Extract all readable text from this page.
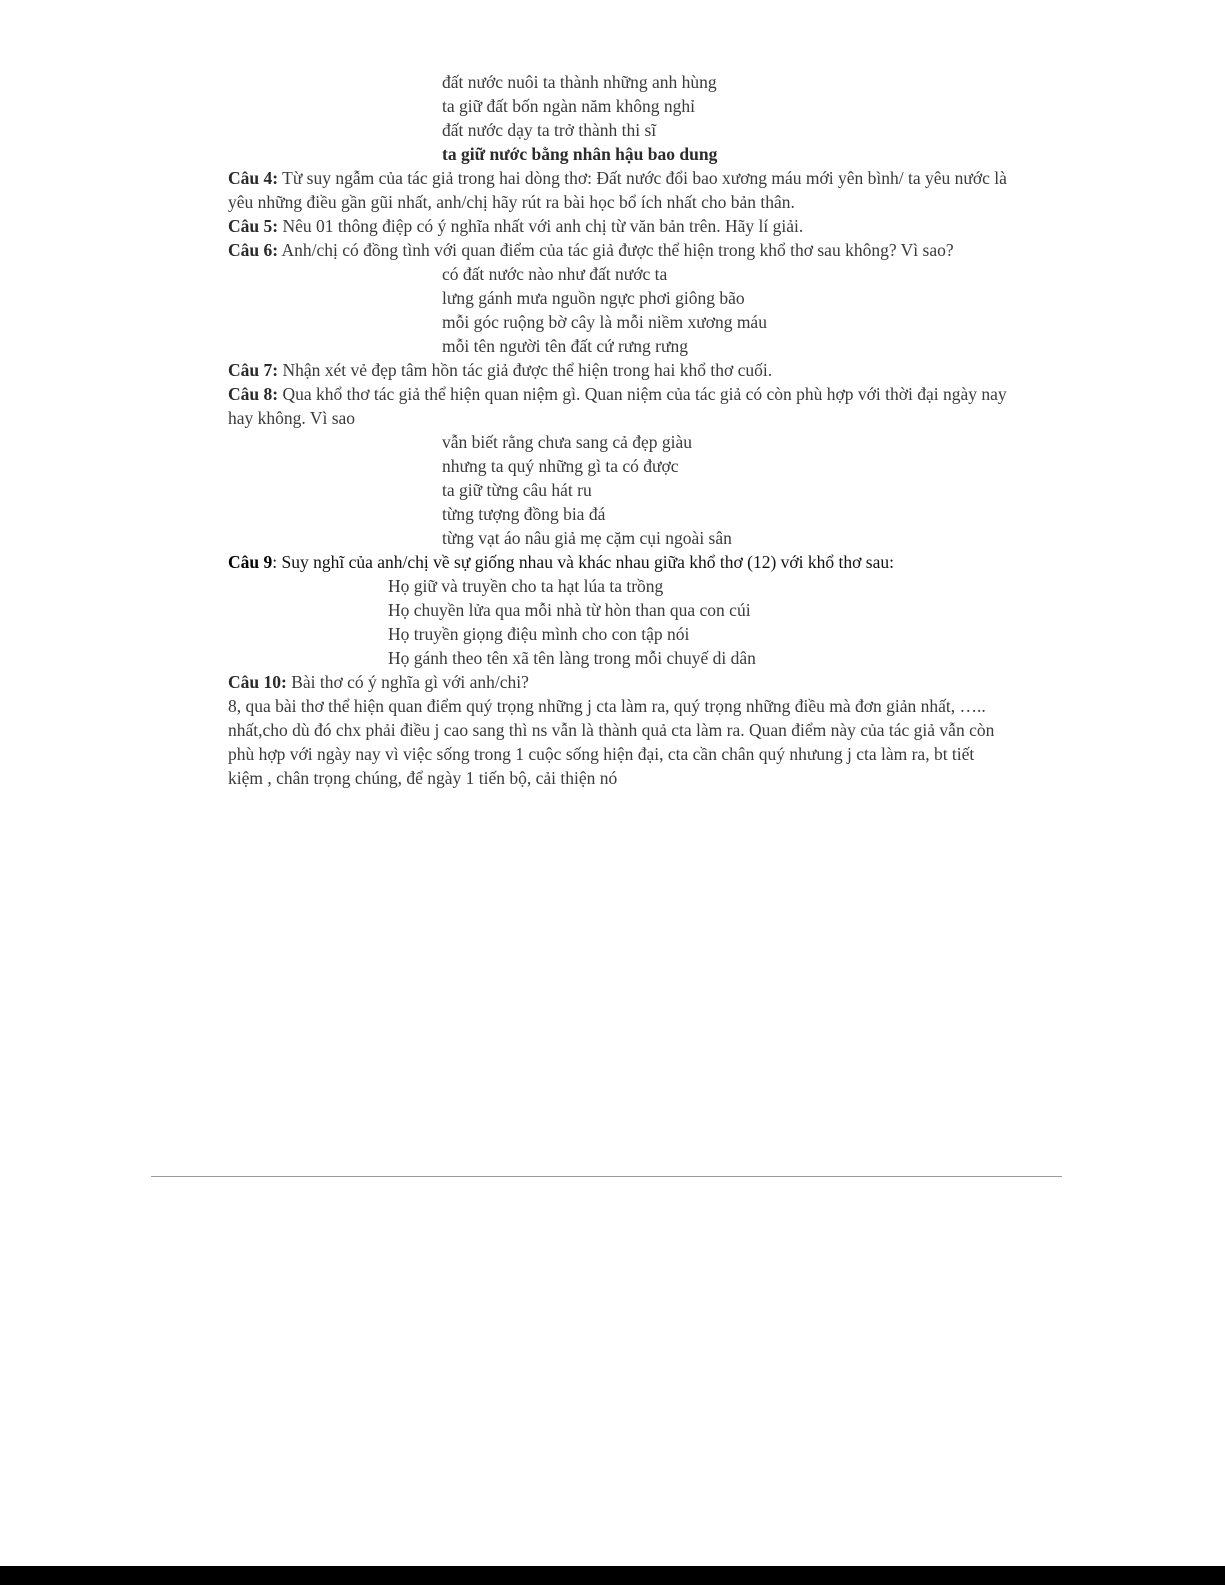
đất nước nuôi ta thành những anh hùng
ta giữ đất bốn ngàn năm không nghỉ
đất nước dạy ta trở thành thi sĩ
ta giữ nước bằng nhân hậu bao dung
Câu 4: Từ suy ngẫm của tác giả trong hai dòng thơ: Đất nước đổi bao xương máu mới yên bình/ ta yêu nước là yêu những điều gần gũi nhất, anh/chị hãy rút ra bài học bổ ích nhất cho bản thân.
Câu 5: Nêu 01 thông điệp có ý nghĩa nhất với anh chị từ văn bản trên. Hãy lí giải.
Câu 6: Anh/chị có đồng tình với quan điểm của tác giả được thể hiện trong khổ thơ sau không? Vì sao?
có đất nước nào như đất nước ta
lưng gánh mưa nguồn ngực phơi giông bão
mỗi góc ruộng bờ cây là mỗi niềm xương máu
mỗi tên người tên đất cứ rưng rưng
Câu 7: Nhận xét vẻ đẹp tâm hồn tác giả được thể hiện trong hai khổ thơ cuối.
Câu 8: Qua khổ thơ tác giả thể hiện quan niệm gì. Quan niệm của tác giả có còn phù hợp với thời đại ngày nay hay không. Vì sao
vẫn biết rằng chưa sang cả đẹp giàu
nhưng ta quý những gì ta có được
ta giữ từng câu hát ru
từng tượng đồng bia đá
từng vạt áo nâu giả mẹ cặm cụi ngoài sân
Câu 9: Suy nghĩ của anh/chị về sự giống nhau và khác nhau giữa khổ thơ (12) với khổ thơ sau:
Họ giữ và truyền cho ta hạt lúa ta trồng
Họ chuyền lửa qua mỗi nhà từ hòn than qua con cúi
Họ truyền giọng điệu mình cho con tập nói
Họ gánh theo tên xã tên làng trong mỗi chuyế di dân
Câu 10: Bài thơ có ý nghĩa gì với anh/chi?
8, qua bài thơ thể hiện quan điểm quý trọng những j cta làm ra, quý trọng những điều mà đơn giản nhất, ….. nhất,cho dù đó chx phải điều j cao sang thì ns vẫn là thành quả cta làm ra. Quan điểm này của tác giả vẫn còn phù hợp với ngày nay vì việc sống trong 1 cuộc sống hiện đại, cta cần chân quý nhưung j cta làm ra, bt tiết kiệm , chân trọng chúng, để ngày 1 tiến bộ, cải thiện nó
